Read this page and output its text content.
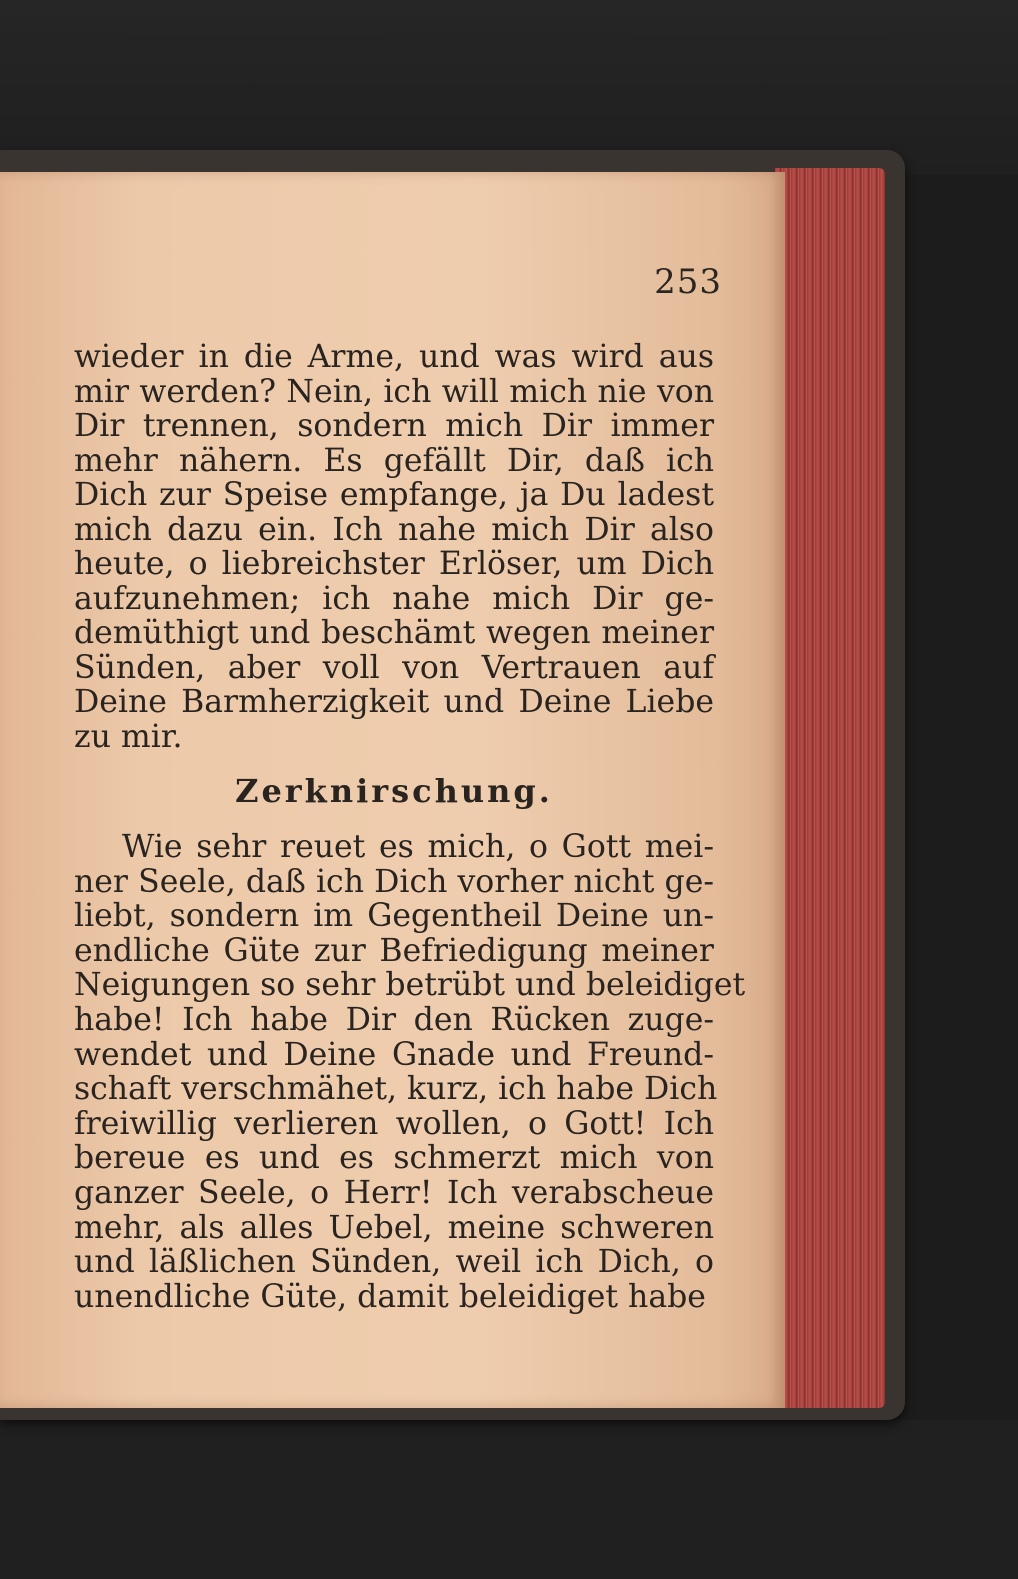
253
wieder in die Arme, und was wird aus
mir werden? Nein, ich will mich nie von
Dir trennen, sondern mich Dir immer
mehr nähern. Es gefällt Dir, daß ich
Dich zur Speise empfange, ja Du ladest
mich dazu ein. Ich nahe mich Dir also
heute, o liebreichster Erlöser, um Dich
aufzunehmen; ich nahe mich Dir ge-
demüthigt und beschämt wegen meiner
Sünden, aber voll von Vertrauen auf
Deine Barmherzigkeit und Deine Liebe
zu mir.
Zerknirschung.
Wie sehr reuet es mich, o Gott mei-
ner Seele, daß ich Dich vorher nicht ge-
liebt, sondern im Gegentheil Deine un-
endliche Güte zur Befriedigung meiner
Neigungen so sehr betrübt und beleidiget
habe! Ich habe Dir den Rücken zuge-
wendet und Deine Gnade und Freund-
schaft verschmähet, kurz, ich habe Dich
freiwillig verlieren wollen, o Gott! Ich
bereue es und es schmerzt mich von
ganzer Seele, o Herr! Ich verabscheue
mehr, als alles Uebel, meine schweren
und läßlichen Sünden, weil ich Dich, o
unendliche Güte, damit beleidiget habe
